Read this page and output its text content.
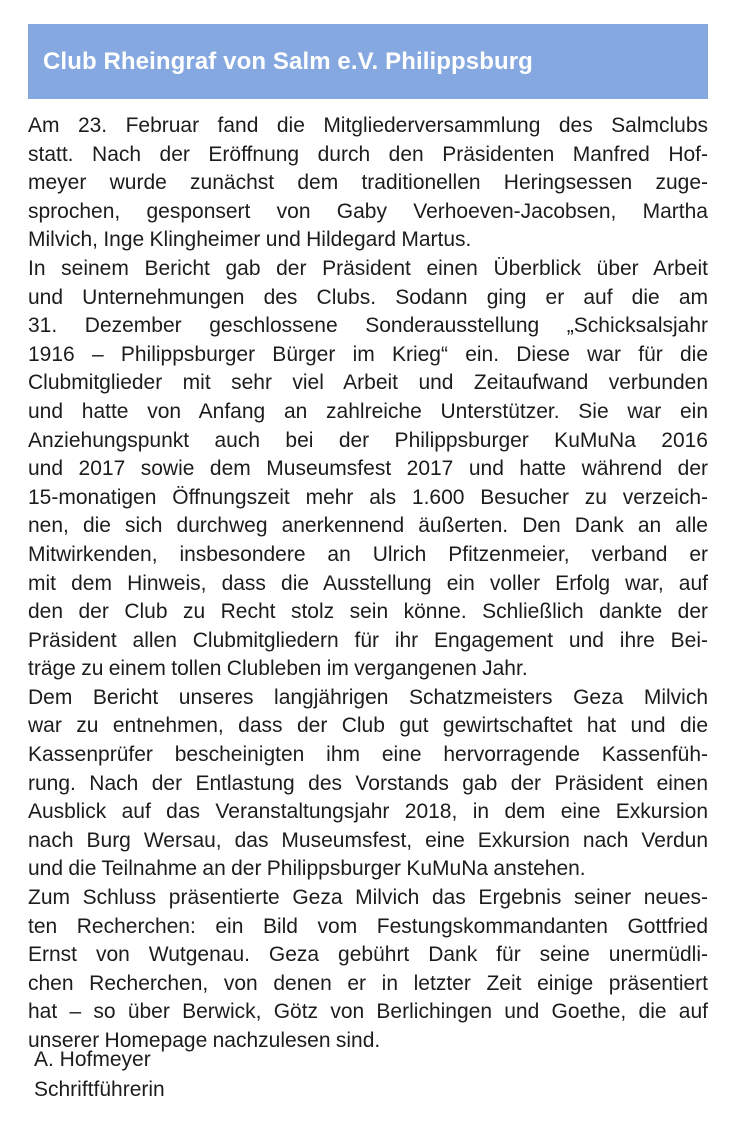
Club Rheingraf von Salm e.V. Philippsburg
Am 23. Februar fand die Mitgliederversammlung des Salmclubs
statt. Nach der Eröffnung durch den Präsidenten Manfred Hof-
meyer wurde zunächst dem traditionellen Heringsessen zuge-
sprochen, gesponsert von Gaby Verhoeven-Jacobsen, Martha
Milvich, Inge Klingheimer und Hildegard Martus.
In seinem Bericht gab der Präsident einen Überblick über Arbeit
und Unternehmungen des Clubs. Sodann ging er auf die am
31. Dezember geschlossene Sonderausstellung „Schicksalsjahr
1916 – Philippsburger Bürger im Krieg“ ein. Diese war für die
Clubmitglieder mit sehr viel Arbeit und Zeitaufwand verbunden
und hatte von Anfang an zahlreiche Unterstützer. Sie war ein
Anziehungspunkt auch bei der Philippsburger KuMuNa 2016
und 2017 sowie dem Museumsfest 2017 und hatte während der
15-monatigen Öffnungszeit mehr als 1.600 Besucher zu verzeich-
nen, die sich durchweg anerkennend äußerten. Den Dank an alle
Mitwirkenden, insbesondere an Ulrich Pfitzenmeier, verband er
mit dem Hinweis, dass die Ausstellung ein voller Erfolg war, auf
den der Club zu Recht stolz sein könne. Schließlich dankte der
Präsident allen Clubmitgliedern für ihr Engagement und ihre Bei-
träge zu einem tollen Clubleben im vergangenen Jahr.
Dem Bericht unseres langjährigen Schatzmeisters Geza Milvich
war zu entnehmen, dass der Club gut gewirtschaftet hat und die
Kassenprüfer bescheinigten ihm eine hervorragende Kassenfüh-
rung. Nach der Entlastung des Vorstands gab der Präsident einen
Ausblick auf das Veranstaltungsjahr 2018, in dem eine Exkursion
nach Burg Wersau, das Museumsfest, eine Exkursion nach Verdun
und die Teilnahme an der Philippsburger KuMuNa anstehen.
Zum Schluss präsentierte Geza Milvich das Ergebnis seiner neues-
ten Recherchen: ein Bild vom Festungskommandanten Gottfried
Ernst von Wutgenau. Geza gebührt Dank für seine unermüdli-
chen Recherchen, von denen er in letzter Zeit einige präsentiert
hat – so über Berwick, Götz von Berlichingen und Goethe, die auf
unserer Homepage nachzulesen sind.
A. Hofmeyer
Schriftführerin
